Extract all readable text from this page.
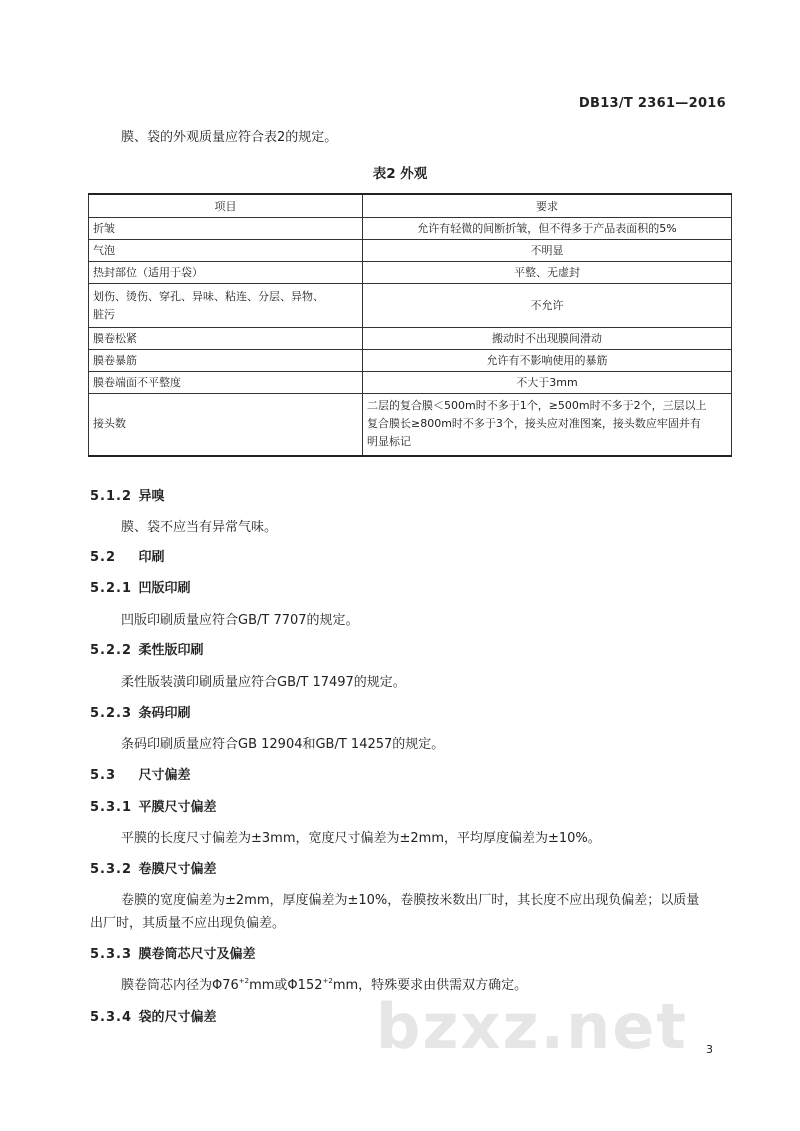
DB13/T 2361—2016
膜、袋的外观质量应符合表2的规定。
表2 外观
项目	要求
折皱	允许有轻微的间断折皱，但不得多于产品表面积的5%
气泡	不明显
热封部位（适用于袋）	平整、无虚封

划伤、烫伤、穿孔、异味、粘连、分层、异物、
脏污	不允许
膜卷松紧	搬动时不出现膜间滑动
膜卷暴筋	允许有不影响使用的暴筋
膜卷端面不平整度	不大于3mm
接头数	二层的复合膜＜500m时不多于1个，≥500m时不多于2个，三层以上
复合膜长≥800m时不多于3个，接头应对准图案，接头数应牢固并有
明显标记
5.1.2 异嗅
膜、袋不应当有异常气味。
5.2 印刷
5.2.1 凹版印刷
凹版印刷质量应符合GB/T 7707的规定。
5.2.2 柔性版印刷
柔性版装潢印刷质量应符合GB/T 17497的规定。
5.2.3 条码印刷
条码印刷质量应符合GB 12904和GB/T 14257的规定。
5.3 尺寸偏差
5.3.1 平膜尺寸偏差
平膜的长度尺寸偏差为±3mm，宽度尺寸偏差为±2mm，平均厚度偏差为±10%。
5.3.2 卷膜尺寸偏差
卷膜的宽度偏差为±2mm，厚度偏差为±10%，卷膜按米数出厂时，其长度不应出现负偏差；以质量
出厂时，其质量不应出现负偏差。
5.3.3 膜卷筒芯尺寸及偏差
膜卷筒芯内径为$\Phi 76^{+2}mm$或$\Phi 152^{+2}mm$，特殊要求由供需双方确定。
5.3.4 袋的尺寸偏差	bzxz.net 3
